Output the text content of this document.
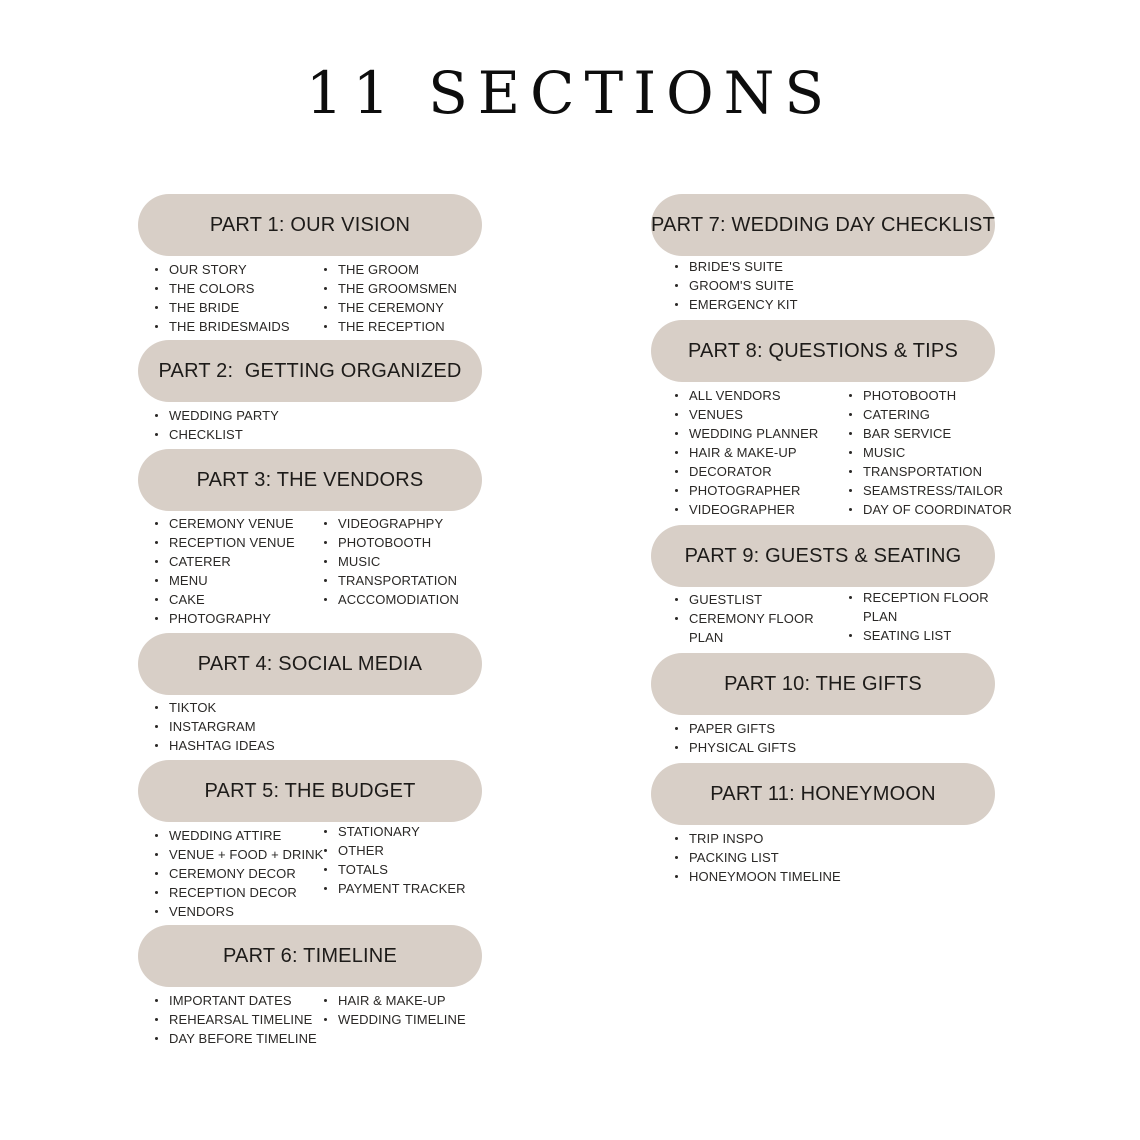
11 SECTIONS
PART 1: OUR VISION
OUR STORY
THE COLORS
THE BRIDE
THE BRIDESMAIDS
THE GROOM
THE GROOMSMEN
THE CEREMONY
THE RECEPTION
PART 2:  GETTING ORGANIZED
WEDDING PARTY
CHECKLIST
PART 3: THE VENDORS
CEREMONY VENUE
RECEPTION VENUE
CATERER
MENU
CAKE
PHOTOGRAPHY
VIDEOGRAPHPY
PHOTOBOOTH
MUSIC
TRANSPORTATION
ACCCOMODIATION
PART 4: SOCIAL MEDIA
TIKTOK
INSTARGRAM
HASHTAG IDEAS
PART 5: THE BUDGET
WEDDING ATTIRE
VENUE + FOOD + DRINK
CEREMONY DECOR
RECEPTION DECOR
VENDORS
STATIONARY
OTHER
TOTALS
PAYMENT TRACKER
PART 6: TIMELINE
IMPORTANT DATES
REHEARSAL TIMELINE
DAY BEFORE TIMELINE
HAIR & MAKE-UP
WEDDING TIMELINE
PART 7: WEDDING DAY CHECKLIST
BRIDE'S SUITE
GROOM'S SUITE
EMERGENCY KIT
PART 8: QUESTIONS & TIPS
ALL VENDORS
VENUES
WEDDING PLANNER
HAIR & MAKE-UP
DECORATOR
PHOTOGRAPHER
VIDEOGRAPHER
PHOTOBOOTH
CATERING
BAR SERVICE
MUSIC
TRANSPORTATION
SEAMSTRESS/TAILOR
DAY OF COORDINATOR
PART 9: GUESTS & SEATING
GUESTLIST
CEREMONY FLOOR PLAN
RECEPTION FLOOR PLAN
SEATING LIST
PART 10: THE GIFTS
PAPER GIFTS
PHYSICAL GIFTS
PART 11: HONEYMOON
TRIP INSPO
PACKING LIST
HONEYMOON TIMELINE
